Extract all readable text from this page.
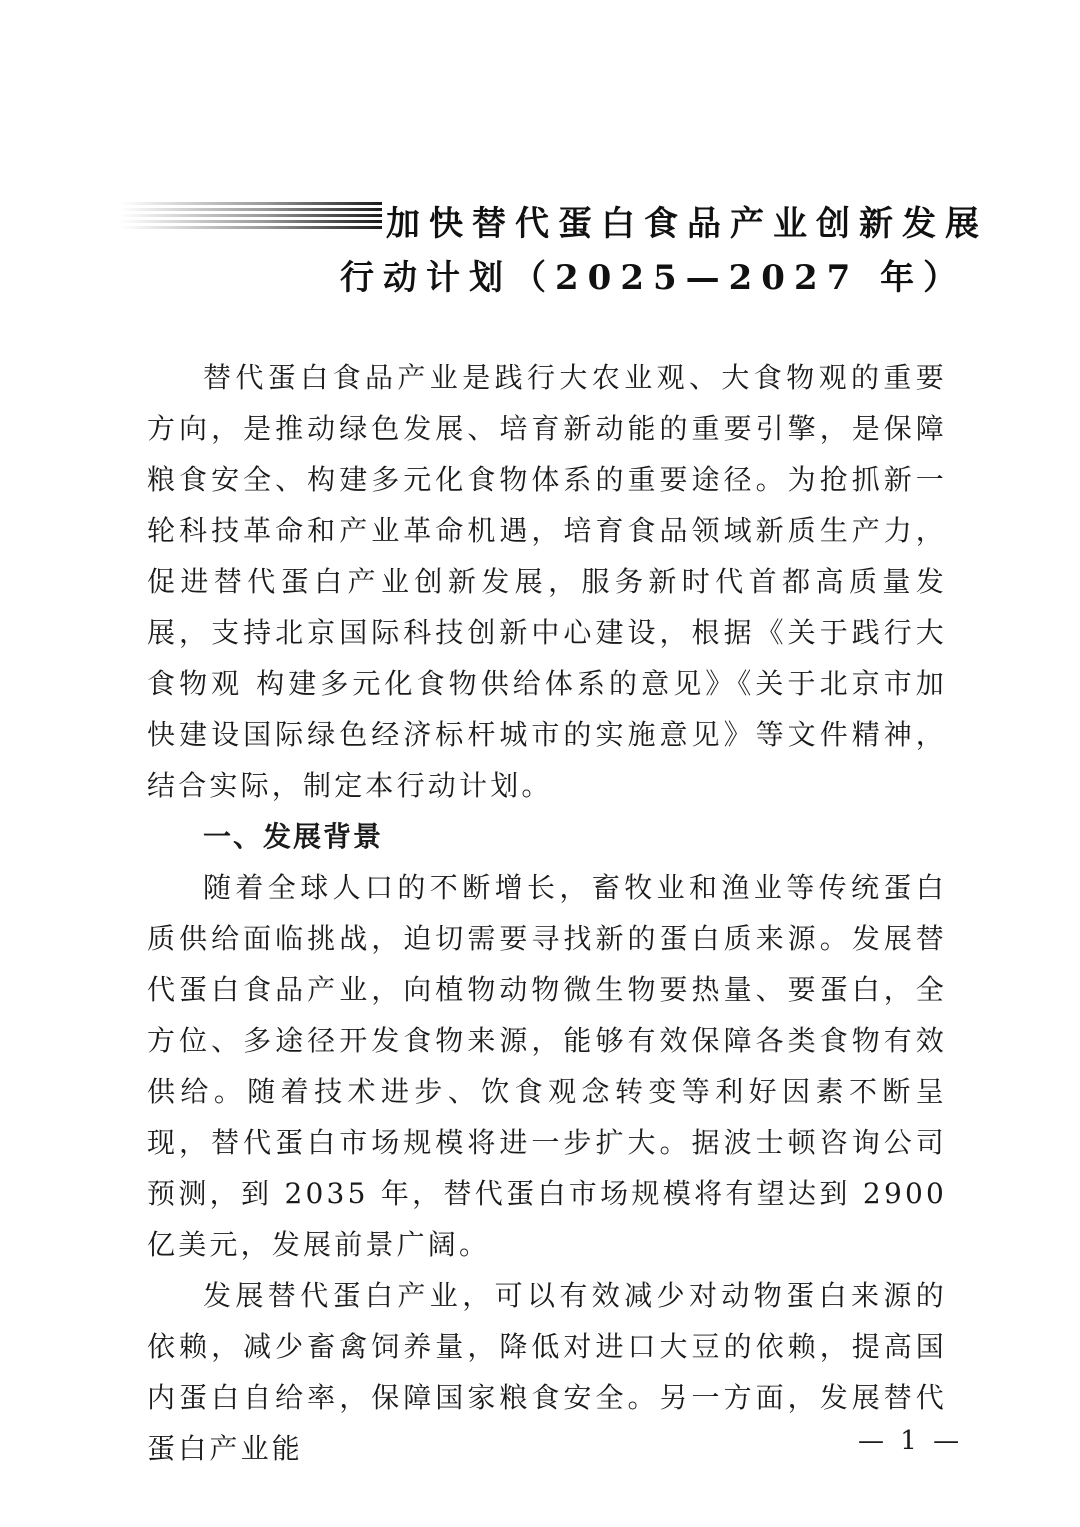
加快替代蛋白食品产业创新发展
行动计划（2025—2027 年）

替代蛋白食品产业是践行大农业观、大食物观的重要方向，是推动绿色发展、培育新动能的重要引擎，是保障粮食安全、构建多元化食物体系的重要途径。为抢抓新一轮科技革命和产业革命机遇，培育食品领域新质生产力，促进替代蛋白产业创新发展，服务新时代首都高质量发展，支持北京国际科技创新中心建设，根据《关于践行大食物观 构建多元化食物供给体系的意见》《关于北京市加快建设国际绿色经济标杆城市的实施意见》等文件精神，结合实际，制定本行动计划。

一、发展背景

随着全球人口的不断增长，畜牧业和渔业等传统蛋白质供给面临挑战，迫切需要寻找新的蛋白质来源。发展替代蛋白食品产业，向植物动物微生物要热量、要蛋白，全方位、多途径开发食物来源，能够有效保障各类食物有效供给。随着技术进步、饮食观念转变等利好因素不断呈现，替代蛋白市场规模将进一步扩大。据波士顿咨询公司预测，到 2035 年，替代蛋白市场规模将有望达到 2900 亿美元，发展前景广阔。

发展替代蛋白产业，可以有效减少对动物蛋白来源的依赖，减少畜禽饲养量，降低对进口大豆的依赖，提高国内蛋白自给率，保障国家粮食安全。另一方面，发展替代蛋白产业能	— 1 —
